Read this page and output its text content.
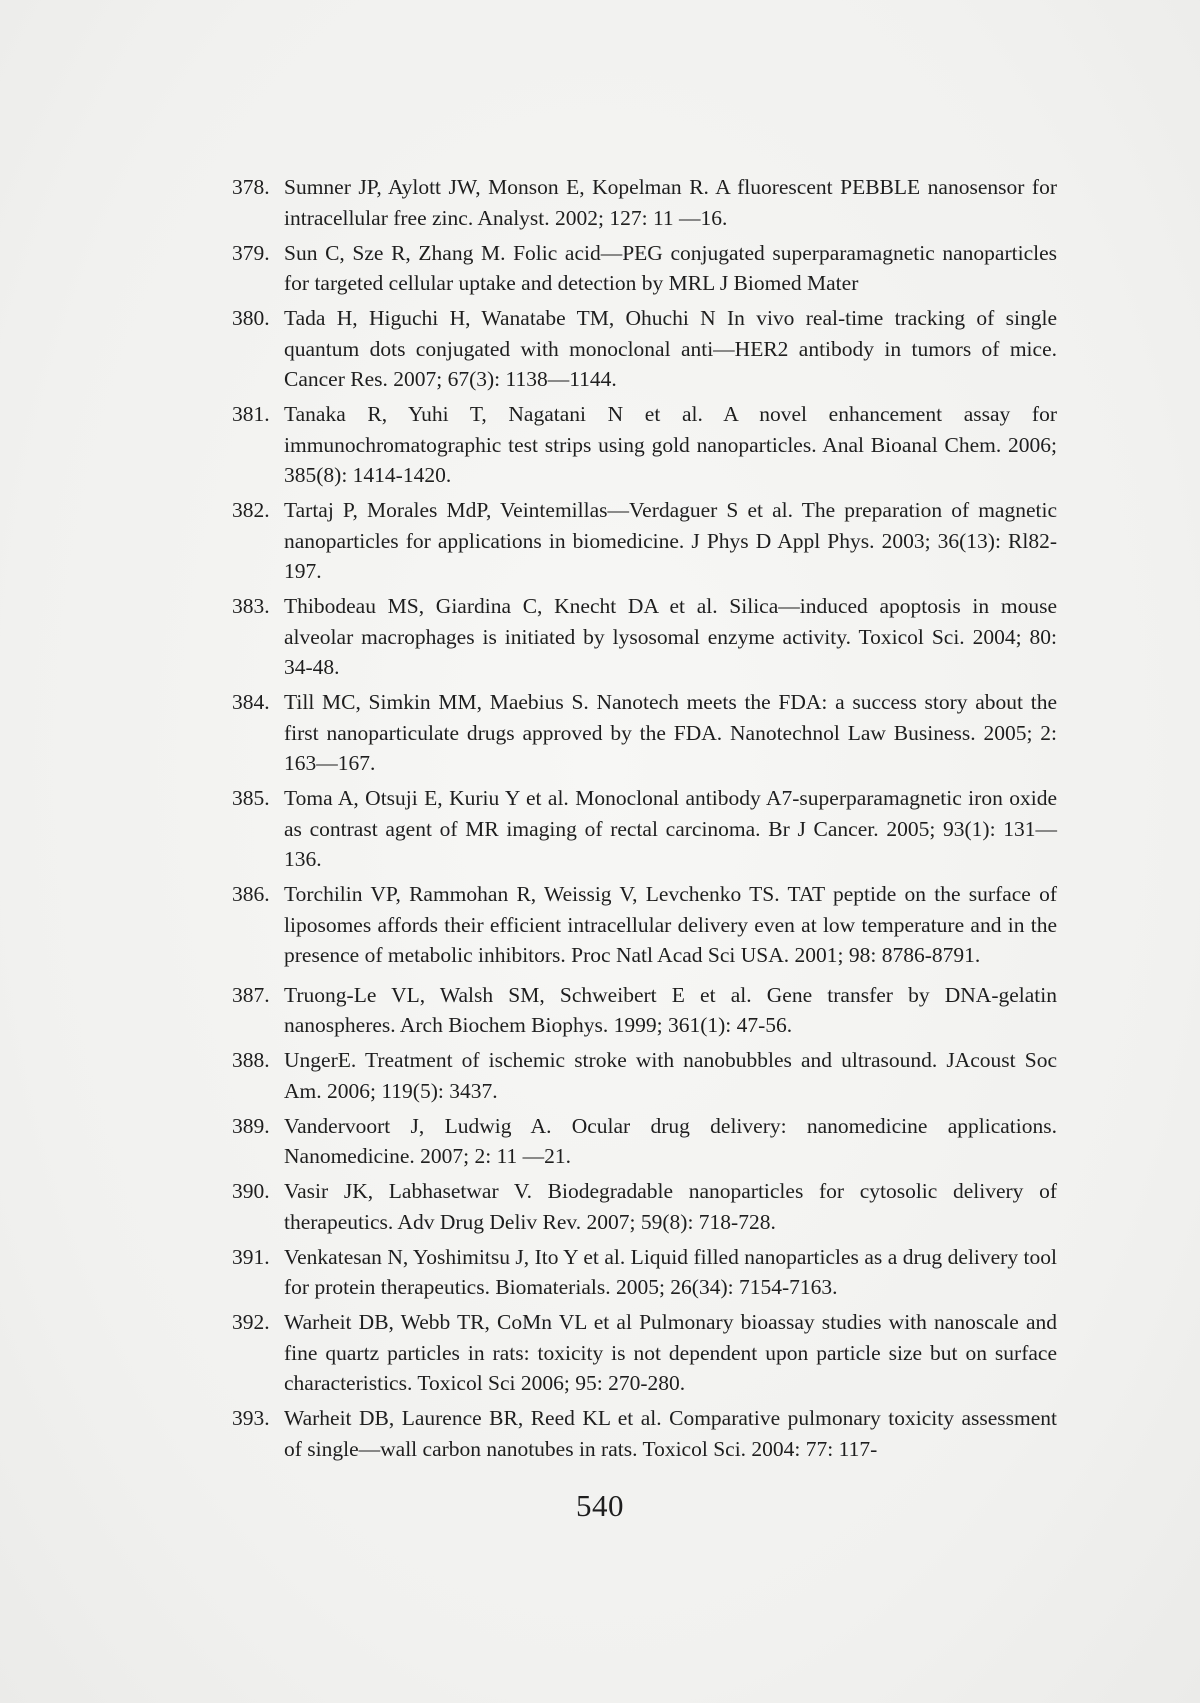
378. Sumner JP, Aylott JW, Monson E, Kopelman R. A fluorescent PEBBLE nanosensor for intracellular free zinc. Analyst. 2002; 127: 11 —16.
379. Sun C, Sze R, Zhang M. Folic acid—PEG conjugated superparamagnetic nanoparticles for targeted cellular uptake and detection by MRL J Biomed Mater
380. Tada H, Higuchi H, Wanatabe TM, Ohuchi N In vivo real-time tracking of single quantum dots conjugated with monoclonal anti—HER2 antibody in tumors of mice. Cancer Res. 2007; 67(3): 1138—1144.
381. Tanaka R, Yuhi T, Nagatani N et al. A novel enhancement assay for immunochromatographic test strips using gold nanoparticles. Anal Bioanal Chem. 2006; 385(8): 1414-1420.
382. Tartaj P, Morales MdP, Veintemillas—Verdaguer S et al. The preparation of magnetic nanoparticles for applications in biomedicine. J Phys D Appl Phys. 2003; 36(13): Rl82-197.
383. Thibodeau MS, Giardina C, Knecht DA et al. Silica—induced apoptosis in mouse alveolar macrophages is initiated by lysosomal enzyme activity. Toxicol Sci. 2004; 80: 34-48.
384. Till MC, Simkin MM, Maebius S. Nanotech meets the FDA: a success story about the first nanoparticulate drugs approved by the FDA. Nanotechnol Law Business. 2005; 2: 163—167.
385. Toma A, Otsuji E, Kuriu Y et al. Monoclonal antibody A7-superparamagnetic iron oxide as contrast agent of MR imaging of rectal carcinoma. Br J Cancer. 2005; 93(1): 131—136.
386. Torchilin VP, Rammohan R, Weissig V, Levchenko TS. TAT peptide on the surface of liposomes affords their efficient intracellular delivery even at low temperature and in the presence of metabolic inhibitors. Proc Natl Acad Sci USA. 2001; 98: 8786-8791.
387. Truong-Le VL, Walsh SM, Schweibert E et al. Gene transfer by DNA-gelatin nanospheres. Arch Biochem Biophys. 1999; 361(1): 47-56.
388. UngerE. Treatment of ischemic stroke with nanobubbles and ultrasound. JAcoust Soc Am. 2006; 119(5): 3437.
389. Vandervoort J, Ludwig A. Ocular drug delivery: nanomedicine applications. Nanomedicine. 2007; 2: 11 —21.
390. Vasir JK, Labhasetwar V. Biodegradable nanoparticles for cytosolic delivery of therapeutics. Adv Drug Deliv Rev. 2007; 59(8): 718-728.
391. Venkatesan N, Yoshimitsu J, Ito Y et al. Liquid filled nanoparticles as a drug delivery tool for protein therapeutics. Biomaterials. 2005; 26(34): 7154-7163.
392. Warheit DB, Webb TR, CoMn VL et al Pulmonary bioassay studies with nanoscale and fine quartz particles in rats: toxicity is not dependent upon particle size but on surface characteristics. Toxicol Sci 2006; 95: 270-280.
393. Warheit DB, Laurence BR, Reed KL et al. Comparative pulmonary toxicity assessment of single—wall carbon nanotubes in rats. Toxicol Sci. 2004: 77: 117-
540
